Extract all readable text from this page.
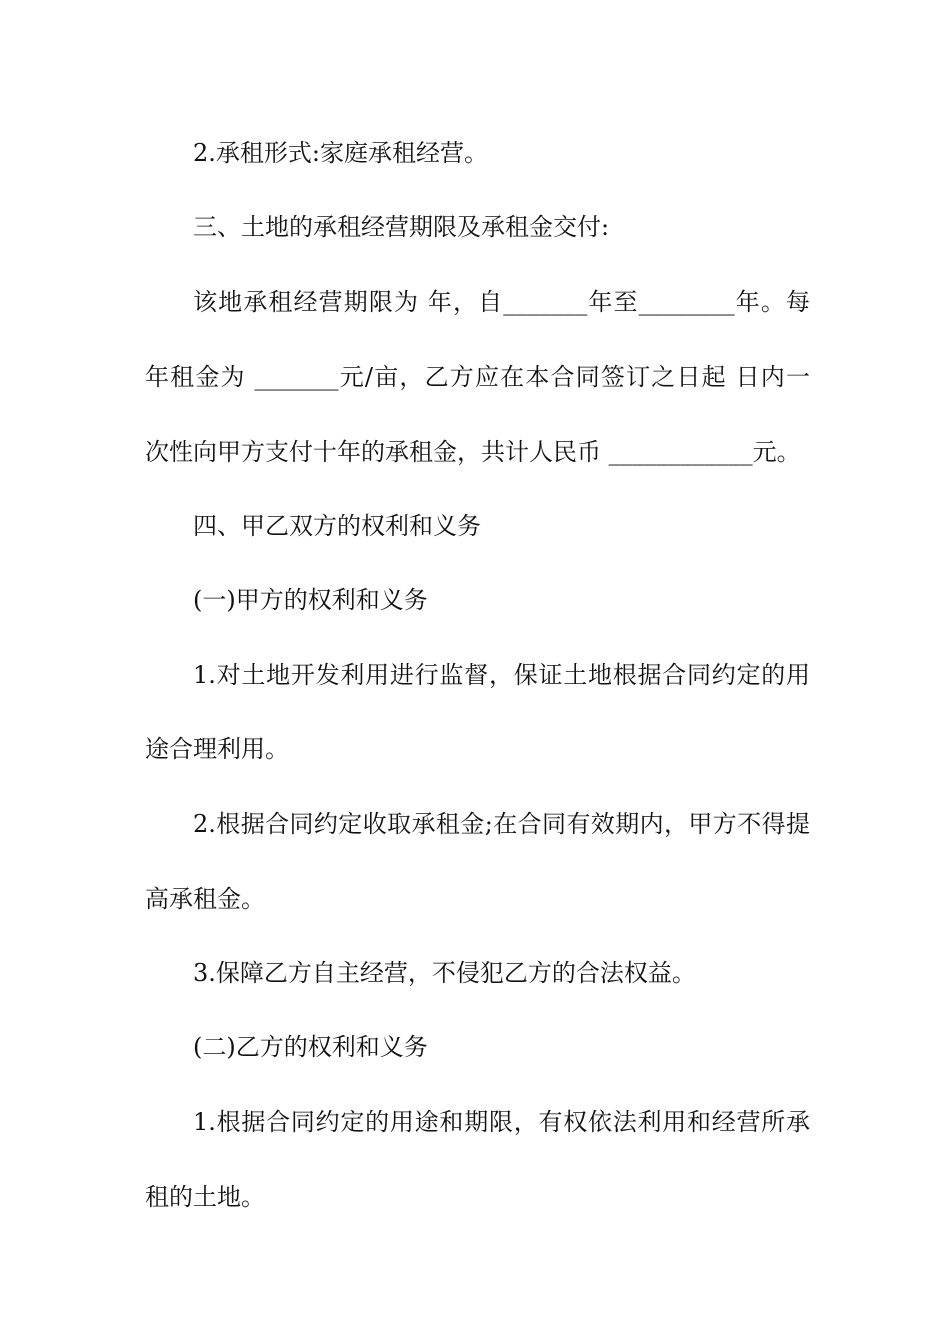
2.承租形式:家庭承租经营。
三、土地的承租经营期限及承租金交付:
该地承租经营期限为 年，自_______年至________年。每
年租金为 _______元/亩，乙方应在本合同签订之日起 日内一
次性向甲方支付十年的承租金，共计人民币 ____________元。
四、甲乙双方的权利和义务
(一)甲方的权利和义务
1.对土地开发利用进行监督，保证土地根据合同约定的用
途合理利用。
2.根据合同约定收取承租金;在合同有效期内，甲方不得提
高承租金。
3.保障乙方自主经营，不侵犯乙方的合法权益。
(二)乙方的权利和义务
1.根据合同约定的用途和期限，有权依法利用和经营所承
租的土地。
